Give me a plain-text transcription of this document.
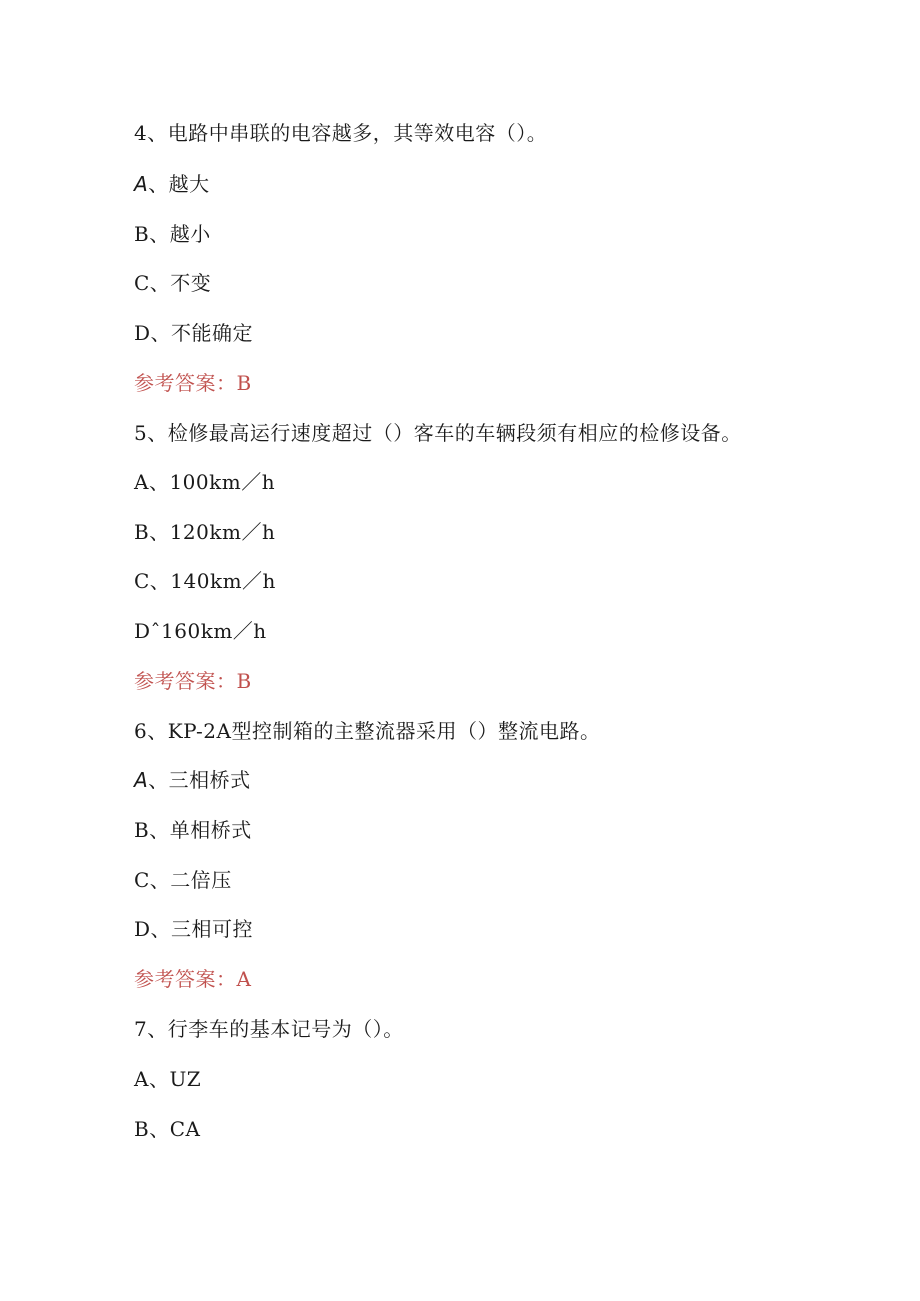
4、电路中串联的电容越多，其等效电容（）。
A、越大
B、越小
C、不变
D、不能确定
参考答案：B
5、检修最高运行速度超过（）客车的车辆段须有相应的检修设备。
A、100km／h
B、120km／h
C、140km／h
Dˆ160km／h
参考答案：B
6、KP-2A型控制箱的主整流器采用（）整流电路。
A、三相桥式
B、单相桥式
C、二倍压
D、三相可控
参考答案：A
7、行李车的基本记号为（）。
A、UZ
B、CA
